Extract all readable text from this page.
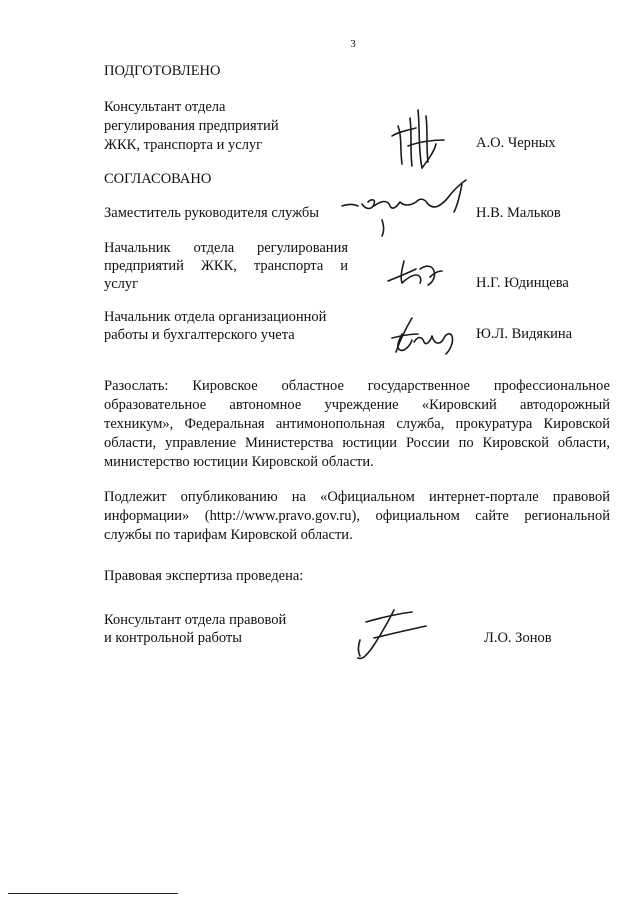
3
ПОДГОТОВЛЕНО
Консультант отдела
регулирования предприятий
ЖКК, транспорта и услуг	А.О. Черных
СОГЛАСОВАНО
Заместитель руководителя службы	Н.В. Мальков
Начальник отдела регулирования
предприятий ЖКК, транспорта и
услуг	Н.Г. Юдинцева
Начальник отдела организационной
работы и бухгалтерского учета	Ю.Л. Видякина
Разослать: Кировское областное государственное профессиональное
образовательное автономное учреждение «Кировский автодорожный
техникум», Федеральная антимонопольная служба, прокуратура Кировской
области, управление Министерства юстиции России по Кировской области,
министерство юстиции Кировской области.
Подлежит опубликованию на «Официальном интернет-портале правовой
информации» (http://www.pravo.gov.ru), официальном сайте региональной
службы по тарифам Кировской области.
Правовая экспертиза проведена:
Консультант отдела правовой
и контрольной работы	Л.О. Зонов
